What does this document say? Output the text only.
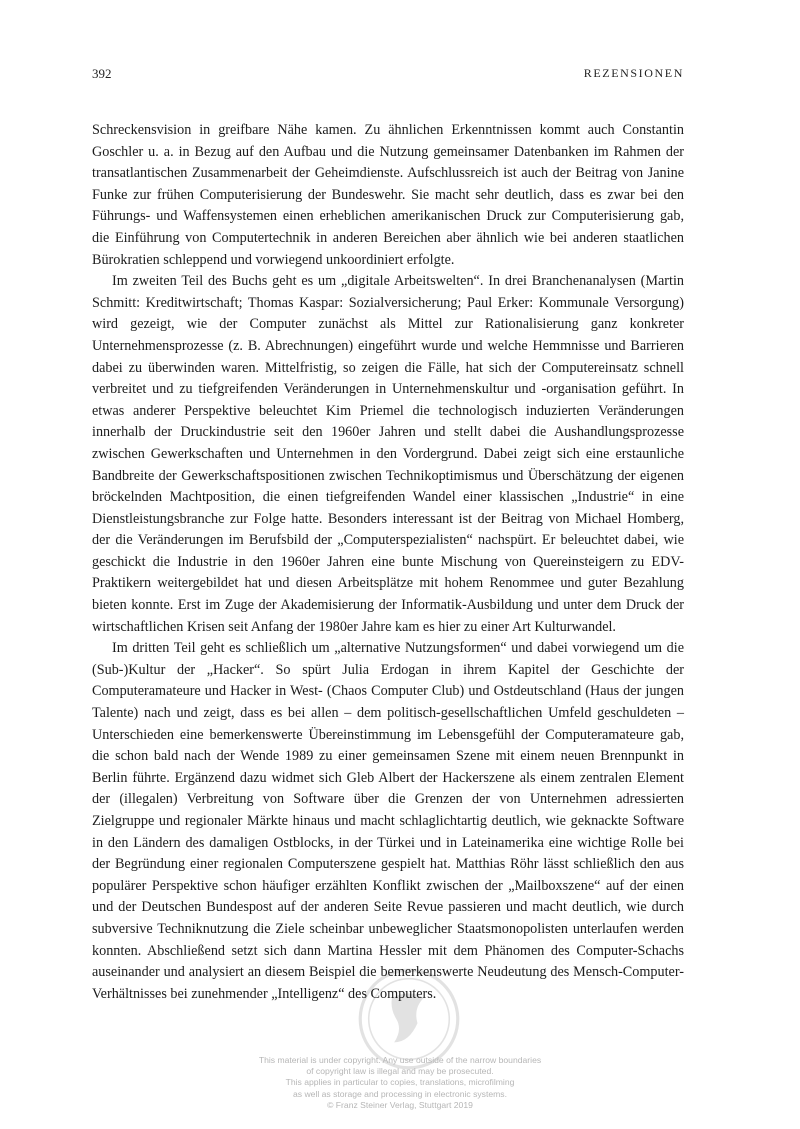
392	REZENSIONEN

Schreckensvision in greifbare Nähe kamen. Zu ähnlichen Erkenntnissen kommt auch Constantin Goschler u. a. in Bezug auf den Aufbau und die Nutzung gemeinsamer Datenbanken im Rahmen der transatlantischen Zusammenarbeit der Geheimdienste. Aufschlussreich ist auch der Beitrag von Janine Funke zur frühen Computerisierung der Bundeswehr. Sie macht sehr deutlich, dass es zwar bei den Führungs- und Waffensystemen einen erheblichen amerikanischen Druck zur Computerisierung gab, die Einführung von Computertechnik in anderen Bereichen aber ähnlich wie bei anderen staatlichen Bürokratien schleppend und vorwiegend unkoordiniert erfolgte.

Im zweiten Teil des Buchs geht es um „digitale Arbeitswelten“. In drei Branchenanalysen (Martin Schmitt: Kreditwirtschaft; Thomas Kaspar: Sozialversicherung; Paul Erker: Kommunale Versorgung) wird gezeigt, wie der Computer zunächst als Mittel zur Rationalisierung ganz konkreter Unternehmensprozesse (z. B. Abrechnungen) eingeführt wurde und welche Hemmnisse und Barrieren dabei zu überwinden waren. Mittelfristig, so zeigen die Fälle, hat sich der Computereinsatz schnell verbreitet und zu tiefgreifenden Veränderungen in Unternehmenskultur und -organisation geführt. In etwas anderer Perspektive beleuchtet Kim Priemel die technologisch induzierten Veränderungen innerhalb der Druckindustrie seit den 1960er Jahren und stellt dabei die Aushandlungsprozesse zwischen Gewerkschaften und Unternehmen in den Vordergrund. Dabei zeigt sich eine erstaunliche Bandbreite der Gewerkschaftspositionen zwischen Technikoptimismus und Überschätzung der eigenen bröckelnden Machtposition, die einen tiefgreifenden Wandel einer klassischen „Industrie“ in eine Dienstleistungsbranche zur Folge hatte. Besonders interessant ist der Beitrag von Michael Homberg, der die Veränderungen im Berufsbild der „Computerspezialisten“ nachspürt. Er beleuchtet dabei, wie geschickt die Industrie in den 1960er Jahren eine bunte Mischung von Quereinsteigern zu EDV-Praktikern weitergebildet hat und diesen Arbeitsplätze mit hohem Renommee und guter Bezahlung bieten konnte. Erst im Zuge der Akademisierung der Informatik-Ausbildung und unter dem Druck der wirtschaftlichen Krisen seit Anfang der 1980er Jahre kam es hier zu einer Art Kulturwandel.

Im dritten Teil geht es schließlich um „alternative Nutzungsformen“ und dabei vorwiegend um die (Sub-)Kultur der „Hacker“. So spürt Julia Erdogan in ihrem Kapitel der Geschichte der Computeramateure und Hacker in West- (Chaos Computer Club) und Ostdeutschland (Haus der jungen Talente) nach und zeigt, dass es bei allen – dem politisch-gesellschaftlichen Umfeld geschuldeten – Unterschieden eine bemerkenswerte Übereinstimmung im Lebensgefühl der Computeramateure gab, die schon bald nach der Wende 1989 zu einer gemeinsamen Szene mit einem neuen Brennpunkt in Berlin führte. Ergänzend dazu widmet sich Gleb Albert der Hackerszene als einem zentralen Element der (illegalen) Verbreitung von Software über die Grenzen der von Unternehmen adressierten Zielgruppe und regionaler Märkte hinaus und macht schlaglichtartig deutlich, wie geknackte Software in den Ländern des damaligen Ostblocks, in der Türkei und in Lateinamerika eine wichtige Rolle bei der Begründung einer regionalen Computerszene gespielt hat. Matthias Röhr lässt schließlich den aus populärer Perspektive schon häufiger erzählten Konflikt zwischen der „Mailboxszene“ auf der einen und der Deutschen Bundespost auf der anderen Seite Revue passieren und macht deutlich, wie durch subversive Techniknutzung die Ziele scheinbar unbeweglicher Staatsmonopolisten unterlaufen werden konnten. Abschließend setzt sich dann Martina Hessler mit dem Phänomen des Computer-Schachs auseinander und analysiert an diesem Beispiel die bemerkenswerte Neudeutung des Mensch-Computer-Verhältnisses bei zunehmender „Intelligenz“ des Computers.

This material is under copyright. Any use outside of the narrow boundaries
of copyright law is illegal and may be prosecuted.
This applies in particular to copies, translations, microfilming
as well as storage and processing in electronic systems.
© Franz Steiner Verlag, Stuttgart 2019
